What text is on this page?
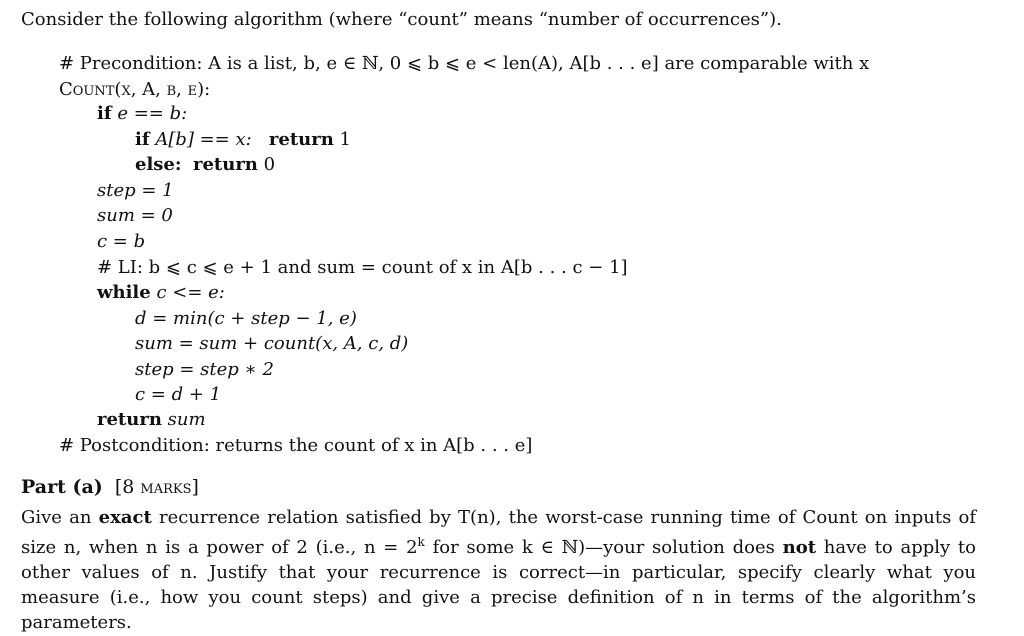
Consider the following algorithm (where “count” means “number of occurrences”).
# Precondition: A is a list, b, e ∈ ℕ, 0 ⩽ b ⩽ e < len(A), A[b . . . e] are comparable with x
Count(x, A, b, e):
if e == b:
if A[b] == x: return 1
else: return 0
step = 1
sum = 0
c = b
# LI: b ⩽ c ⩽ e + 1 and sum = count of x in A[b . . . c − 1]
while c <= e:
d = min(c + step − 1, e)
sum = sum + count(x, A, c, d)
step = step ∗ 2
c = d + 1
return sum
# Postcondition: returns the count of x in A[b . . . e]
Part (a) [8 marks]
Give an exact recurrence relation satisfied by T(n), the worst-case running time of Count on inputs of size n, when n is a power of 2 (i.e., $n = 2^k$ for some k ∈ ℕ)—your solution does not have to apply to other values of n. Justify that your recurrence is correct—in particular, specify clearly what you measure (i.e., how you count steps) and give a precise definition of n in terms of the algorithm’s parameters.
